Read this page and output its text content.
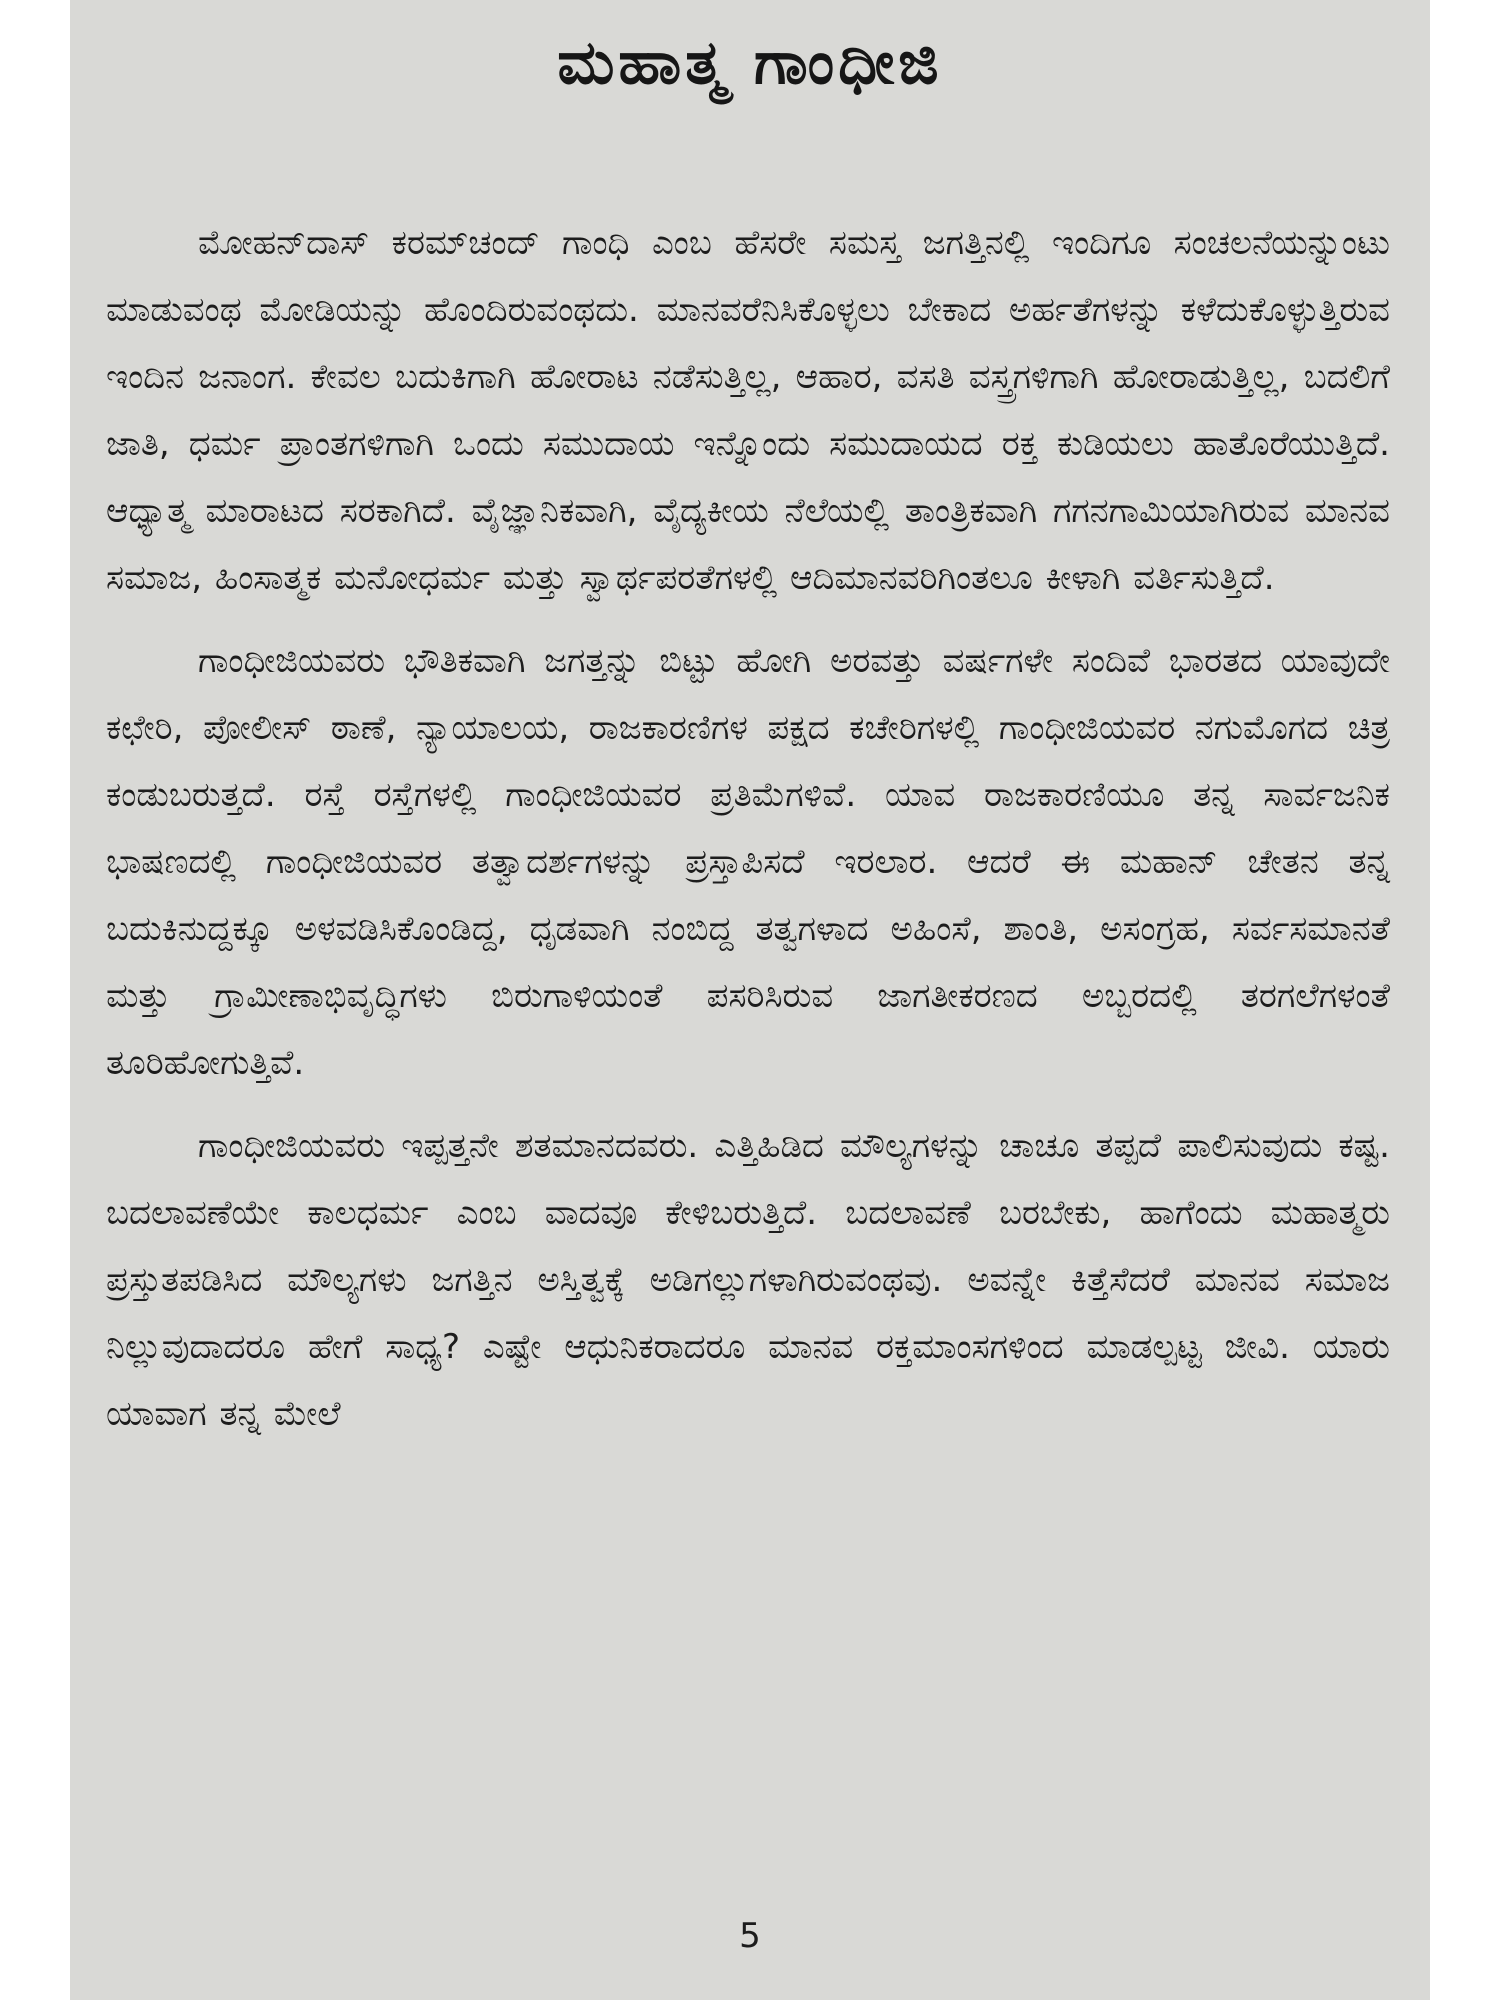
ಮಹಾತ್ಮ ಗಾಂಧೀಜಿ

ಮೋಹನ್‌ದಾಸ್ ಕರಮ್‌ಚಂದ್ ಗಾಂಧಿ ಎಂಬ ಹೆಸರೇ ಸಮಸ್ತ ಜಗತ್ತಿನಲ್ಲಿ ಇಂದಿಗೂ ಸಂಚಲನೆಯನ್ನುಂಟು ಮಾಡುವಂಥ ಮೋಡಿಯನ್ನು ಹೊಂದಿರುವಂಥದು. ಮಾನವರೆನಿಸಿಕೊಳ್ಳಲು ಬೇಕಾದ ಅರ್ಹತೆಗಳನ್ನು ಕಳೆದುಕೊಳ್ಳುತ್ತಿರುವ ಇಂದಿನ ಜನಾಂಗ. ಕೇವಲ ಬದುಕಿಗಾಗಿ ಹೋರಾಟ ನಡೆಸುತ್ತಿಲ್ಲ, ಆಹಾರ, ವಸತಿ ವಸ್ತ್ರಗಳಿಗಾಗಿ ಹೋರಾಡುತ್ತಿಲ್ಲ, ಬದಲಿಗೆ ಜಾತಿ, ಧರ್ಮ ಪ್ರಾಂತಗಳಿಗಾಗಿ ಒಂದು ಸಮುದಾಯ ಇನ್ನೊಂದು ಸಮುದಾಯದ ರಕ್ತ ಕುಡಿಯಲು ಹಾತೊರೆಯುತ್ತಿದೆ. ಆಧ್ಯಾತ್ಮ ಮಾರಾಟದ ಸರಕಾಗಿದೆ. ವೈಜ್ಞಾನಿಕವಾಗಿ, ವೈದ್ಯಕೀಯ ನೆಲೆಯಲ್ಲಿ ತಾಂತ್ರಿಕವಾಗಿ ಗಗನಗಾಮಿಯಾಗಿರುವ ಮಾನವ ಸಮಾಜ, ಹಿಂಸಾತ್ಮಕ ಮನೋಧರ್ಮ ಮತ್ತು ಸ್ವಾರ್ಥಪರತೆಗಳಲ್ಲಿ ಆದಿಮಾನವರಿಗಿಂತಲೂ ಕೀಳಾಗಿ ವರ್ತಿಸುತ್ತಿದೆ.

ಗಾಂಧೀಜಿಯವರು ಭೌತಿಕವಾಗಿ ಜಗತ್ತನ್ನು ಬಿಟ್ಟು ಹೋಗಿ ಅರವತ್ತು ವರ್ಷಗಳೇ ಸಂದಿವೆ ಭಾರತದ ಯಾವುದೇ ಕಛೇರಿ, ಪೋಲೀಸ್ ಠಾಣೆ, ನ್ಯಾಯಾಲಯ, ರಾಜಕಾರಣಿಗಳ ಪಕ್ಷದ ಕಚೇರಿಗಳಲ್ಲಿ ಗಾಂಧೀಜಿಯವರ ನಗುಮೊಗದ ಚಿತ್ರ ಕಂಡುಬರುತ್ತದೆ. ರಸ್ತೆ ರಸ್ತೆಗಳಲ್ಲಿ ಗಾಂಧೀಜಿಯವರ ಪ್ರತಿಮೆಗಳಿವೆ. ಯಾವ ರಾಜಕಾರಣಿಯೂ ತನ್ನ ಸಾರ್ವಜನಿಕ ಭಾಷಣದಲ್ಲಿ ಗಾಂಧೀಜಿಯವರ ತತ್ವಾದರ್ಶಗಳನ್ನು ಪ್ರಸ್ತಾಪಿಸದೆ ಇರಲಾರ. ಆದರೆ ಈ ಮಹಾನ್ ಚೇತನ ತನ್ನ ಬದುಕಿನುದ್ದಕ್ಕೂ ಅಳವಡಿಸಿಕೊಂಡಿದ್ದ, ಧೃಡವಾಗಿ ನಂಬಿದ್ದ ತತ್ವಗಳಾದ ಅಹಿಂಸೆ, ಶಾಂತಿ, ಅಸಂಗ್ರಹ, ಸರ್ವಸಮಾನತೆ ಮತ್ತು ಗ್ರಾಮೀಣಾಭಿವೃದ್ಧಿಗಳು ಬಿರುಗಾಳಿಯಂತೆ ಪಸರಿಸಿರುವ ಜಾಗತೀಕರಣದ ಅಬ್ಬರದಲ್ಲಿ ತರಗಲೆಗಳಂತೆ ತೂರಿಹೋಗುತ್ತಿವೆ.

ಗಾಂಧೀಜಿಯವರು ಇಪ್ಪತ್ತನೇ ಶತಮಾನದವರು. ಎತ್ತಿಹಿಡಿದ ಮೌಲ್ಯಗಳನ್ನು ಚಾಚೂ ತಪ್ಪದೆ ಪಾಲಿಸುವುದು ಕಷ್ಟ. ಬದಲಾವಣೆಯೇ ಕಾಲಧರ್ಮ ಎಂಬ ವಾದವೂ ಕೇಳಿಬರುತ್ತಿದೆ. ಬದಲಾವಣೆ ಬರಬೇಕು, ಹಾಗೆಂದು ಮಹಾತ್ಮರು ಪ್ರಸ್ತುತಪಡಿಸಿದ ಮೌಲ್ಯಗಳು ಜಗತ್ತಿನ ಅಸ್ತಿತ್ವಕ್ಕೆ ಅಡಿಗಲ್ಲುಗಳಾಗಿರುವಂಥವು. ಅವನ್ನೇ ಕಿತ್ತೆಸೆದರೆ ಮಾನವ ಸಮಾಜ ನಿಲ್ಲುವುದಾದರೂ ಹೇಗೆ ಸಾಧ್ಯ? ಎಷ್ಟೇ ಆಧುನಿಕರಾದರೂ ಮಾನವ ರಕ್ತಮಾಂಸಗಳಿಂದ ಮಾಡಲ್ಪಟ್ಟ ಜೀವಿ. ಯಾರು ಯಾವಾಗ ತನ್ನ ಮೇಲೆ

5
